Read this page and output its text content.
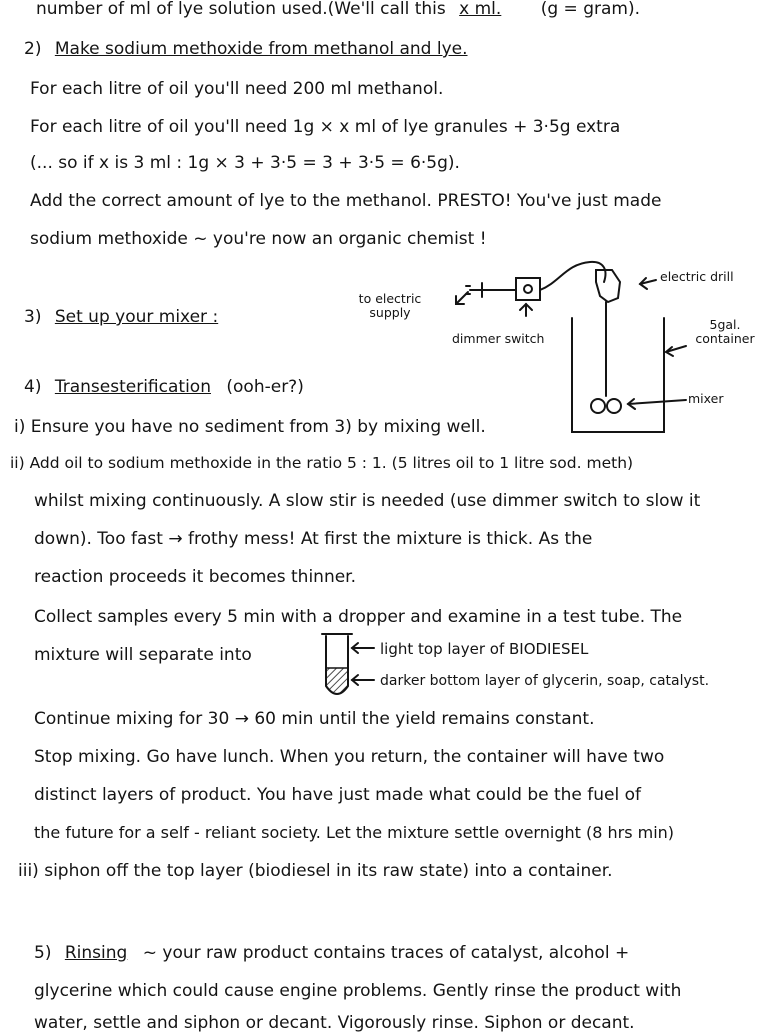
number of ml of lye solution used.(We'll call this x ml. (g = gram).
2) Make sodium methoxide from methanol and lye.
For each litre of oil you'll need 200 ml methanol.
For each litre of oil you'll need 1g × x ml of lye granules + 3·5g extra
(... so if x is 3 ml : 1g × 3 + 3·5 = 3 + 3·5 = 6·5g).
Add the correct amount of lye to the methanol. PRESTO! You've just made
sodium methoxide ~ you're now an organic chemist !
3) Set up your mixer :
to electric supply
dimmer switch
electric drill
5gal. container
mixer
4) Transesterification (ooh-er?)
i) Ensure you have no sediment from 3) by mixing well.
ii) Add oil to sodium methoxide in the ratio 5 : 1. (5 litres oil to 1 litre sod. meth)
whilst mixing continuously. A slow stir is needed (use dimmer switch to slow it
down). Too fast → frothy mess! At first the mixture is thick. As the
reaction proceeds it becomes thinner.
Collect samples every 5 min with a dropper and examine in a test tube. The
mixture will separate into	light top layer of BIODIESEL
darker bottom layer of glycerin, soap, catalyst.
Continue mixing for 30 → 60 min until the yield remains constant.
Stop mixing. Go have lunch. When you return, the container will have two
distinct layers of product. You have just made what could be the fuel of
the future for a self - reliant society. Let the mixture settle overnight (8 hrs min)
iii) siphon off the top layer (biodiesel in its raw state) into a container.
5) Rinsing ~ your raw product contains traces of catalyst, alcohol +
glycerine which could cause engine problems. Gently rinse the product with
water, settle and siphon or decant. Vigorously rinse. Siphon or decant.
